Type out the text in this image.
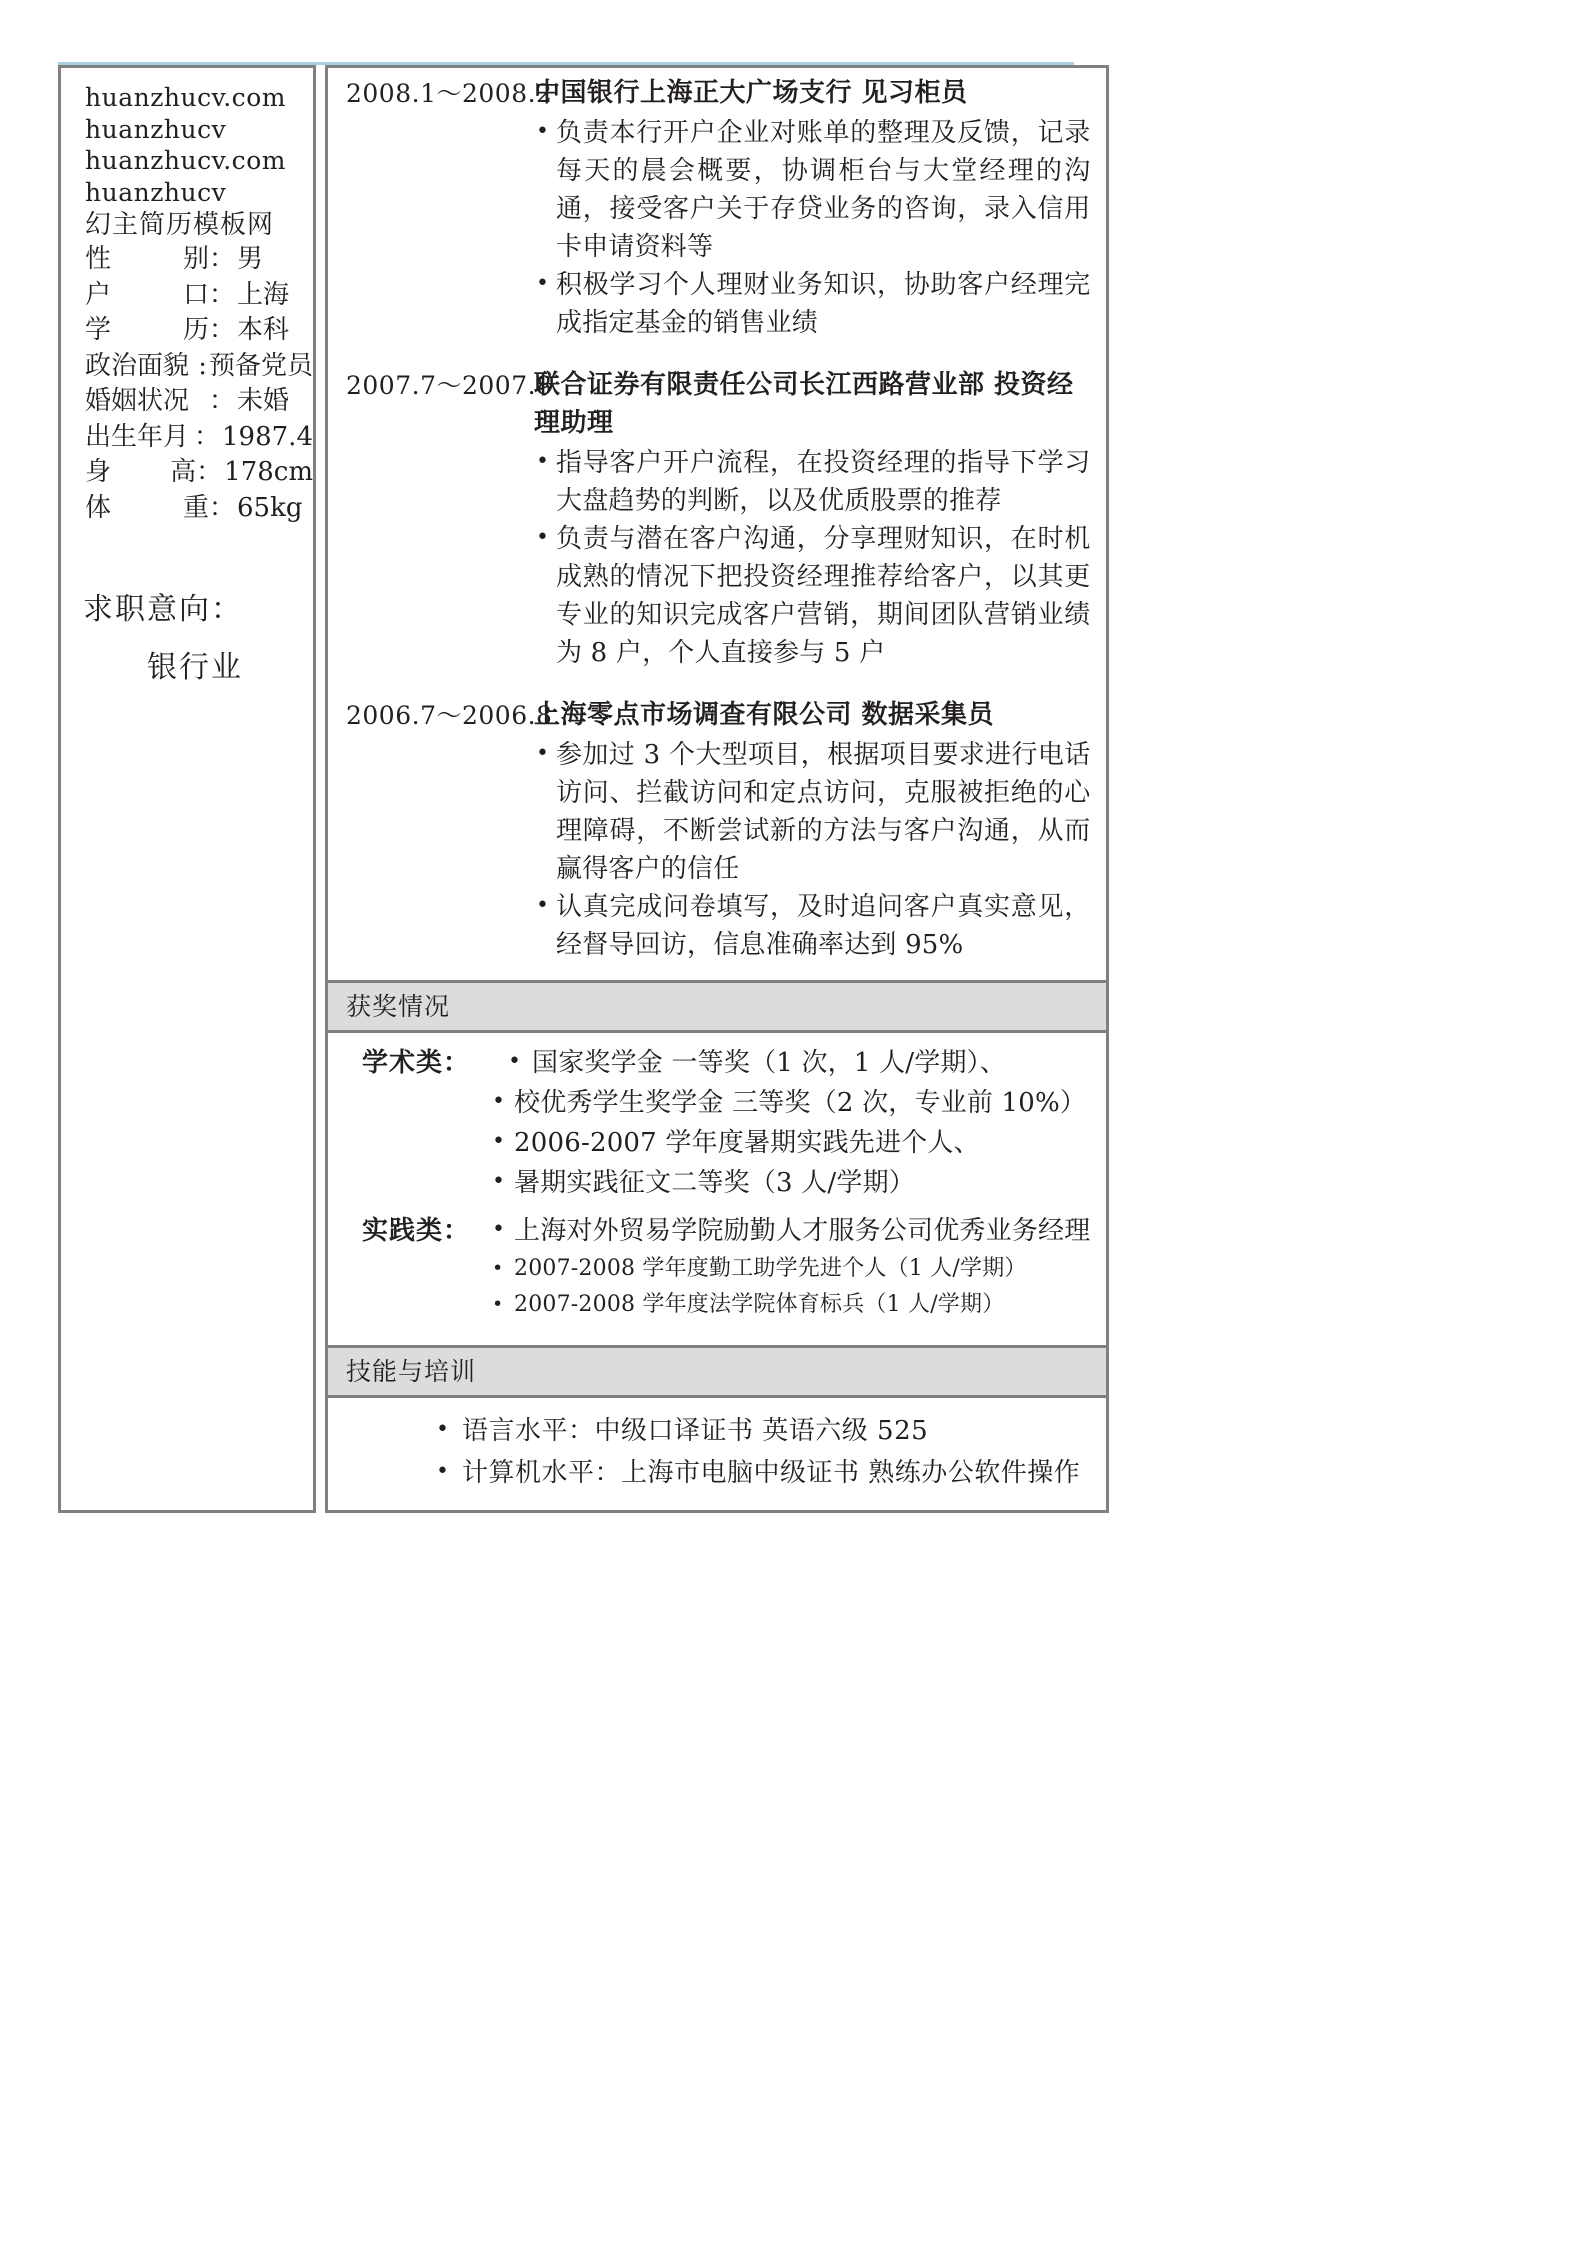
huanzhucv.com
huanzhucv
huanzhucv.com
huanzhucv
幻主简历模板网
性	别 ： 男
户	口 ： 上海
学	历 ： 本科
政治面貌 : 预备党员
婚姻状况 ： 未婚
出生年月 ： 1987.4
身 高 ： 178cm
体	重 ： 65kg
求职意向：
银行业
2008.1～2008.2
中国银行上海正大广场支行 见习柜员
• 负责本行开户企业对账单的整理及反馈，记录每天的晨会概要，协调柜台与大堂经理的沟通，接受客户关于存贷业务的咨询，录入信用卡申请资料等
• 积极学习个人理财业务知识，协助客户经理完成指定基金的销售业绩
2007.7～2007.8
联合证券有限责任公司长江西路营业部 投资经理助理
• 指导客户开户流程，在投资经理的指导下学习大盘趋势的判断，以及优质股票的推荐
• 负责与潜在客户沟通，分享理财知识，在时机成熟的情况下把投资经理推荐给客户，以其更专业的知识完成客户营销，期间团队营销业绩为 8 户，个人直接参与 5 户
2006.7～2006.8
上海零点市场调查有限公司 数据采集员
• 参加过 3 个大型项目，根据项目要求进行电话访问、拦截访问和定点访问，克服被拒绝的心理障碍，不断尝试新的方法与客户沟通，从而赢得客户的信任
• 认真完成问卷填写，及时追问客户真实意见，经督导回访，信息准确率达到 95%
获奖情况
学术类：	• 国家奖学金 一等奖（1 次，1 人/学期）、
• 校优秀学生奖学金 三等奖（2 次，专业前 10%）
• 2006-2007 学年度暑期实践先进个人、
• 暑期实践征文二等奖（3 人/学期）
实践类：	• 上海对外贸易学院励勤人才服务公司优秀业务经理
• 2007-2008 学年度勤工助学先进个人（1 人/学期）
• 2007-2008 学年度法学院体育标兵（1 人/学期）
技能与培训
• 语言水平：中级口译证书 英语六级 525
• 计算机水平：上海市电脑中级证书 熟练办公软件操作
